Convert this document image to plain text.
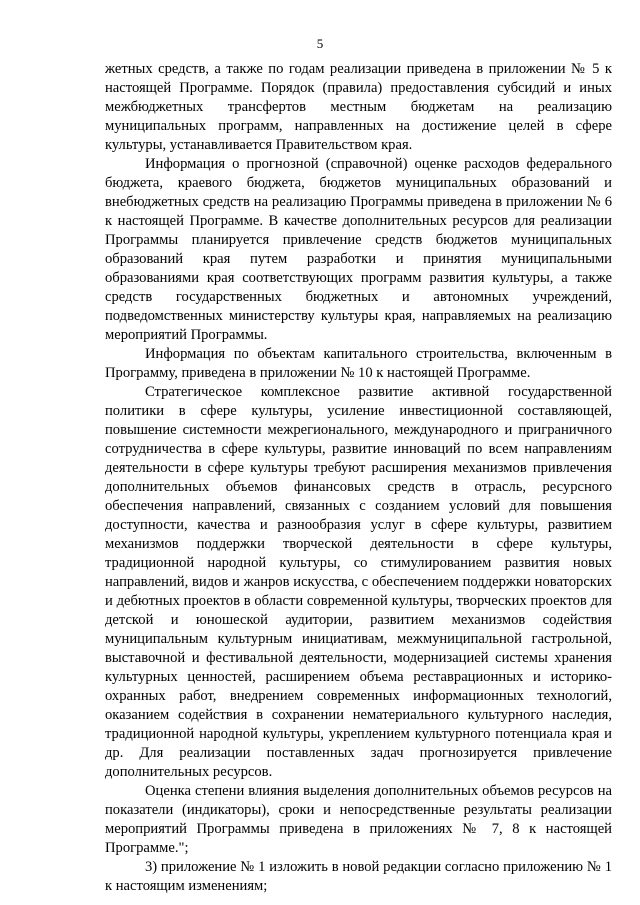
5

жетных средств, а также по годам реализации приведена в приложении № 5 к настоящей Программе. Порядок (правила) предоставления субсидий и иных межбюджетных трансфертов местным бюджетам на реализацию муниципальных программ, направленных на достижение целей в сфере культуры, устанавливается Правительством края.

Информация о прогнозной (справочной) оценке расходов федерального бюджета, краевого бюджета, бюджетов муниципальных образований и внебюджетных средств на реализацию Программы приведена в приложении № 6 к настоящей Программе. В качестве дополнительных ресурсов для реализации Программы планируется привлечение средств бюджетов муниципальных образований края путем разработки и принятия муниципальными образованиями края соответствующих программ развития культуры, а также средств государственных бюджетных и автономных учреждений, подведомственных министерству культуры края, направляемых на реализацию мероприятий Программы.

Информация по объектам капитального строительства, включенным в Программу, приведена в приложении № 10 к настоящей Программе.

Стратегическое комплексное развитие активной государственной политики в сфере культуры, усиление инвестиционной составляющей, повышение системности межрегионального, международного и приграничного сотрудничества в сфере культуры, развитие инноваций по всем направлениям деятельности в сфере культуры требуют расширения механизмов привлечения дополнительных объемов финансовых средств в отрасль, ресурсного обеспечения направлений, связанных с созданием условий для повышения доступности, качества и разнообразия услуг в сфере культуры, развитием механизмов поддержки творческой деятельности в сфере культуры, традиционной народной культуры, со стимулированием развития новых направлений, видов и жанров искусства, с обеспечением поддержки новаторских и дебютных проектов в области современной культуры, творческих проектов для детской и юношеской аудитории, развитием механизмов содействия муниципальным культурным инициативам, межмуниципальной гастрольной, выставочной и фестивальной деятельности, модернизацией системы хранения культурных ценностей, расширением объема реставрационных и историко-охранных работ, внедрением современных информационных технологий, оказанием содействия в сохранении нематериального культурного наследия, традиционной народной культуры, укреплением культурного потенциала края и др. Для реализации поставленных задач прогнозируется привлечение дополнительных ресурсов.

Оценка степени влияния выделения дополнительных объемов ресурсов на показатели (индикаторы), сроки и непосредственные результаты реализации мероприятий Программы приведена в приложениях № 7, 8 к настоящей Программе.";

3) приложение № 1 изложить в новой редакции согласно приложению № 1 к настоящим изменениям;
